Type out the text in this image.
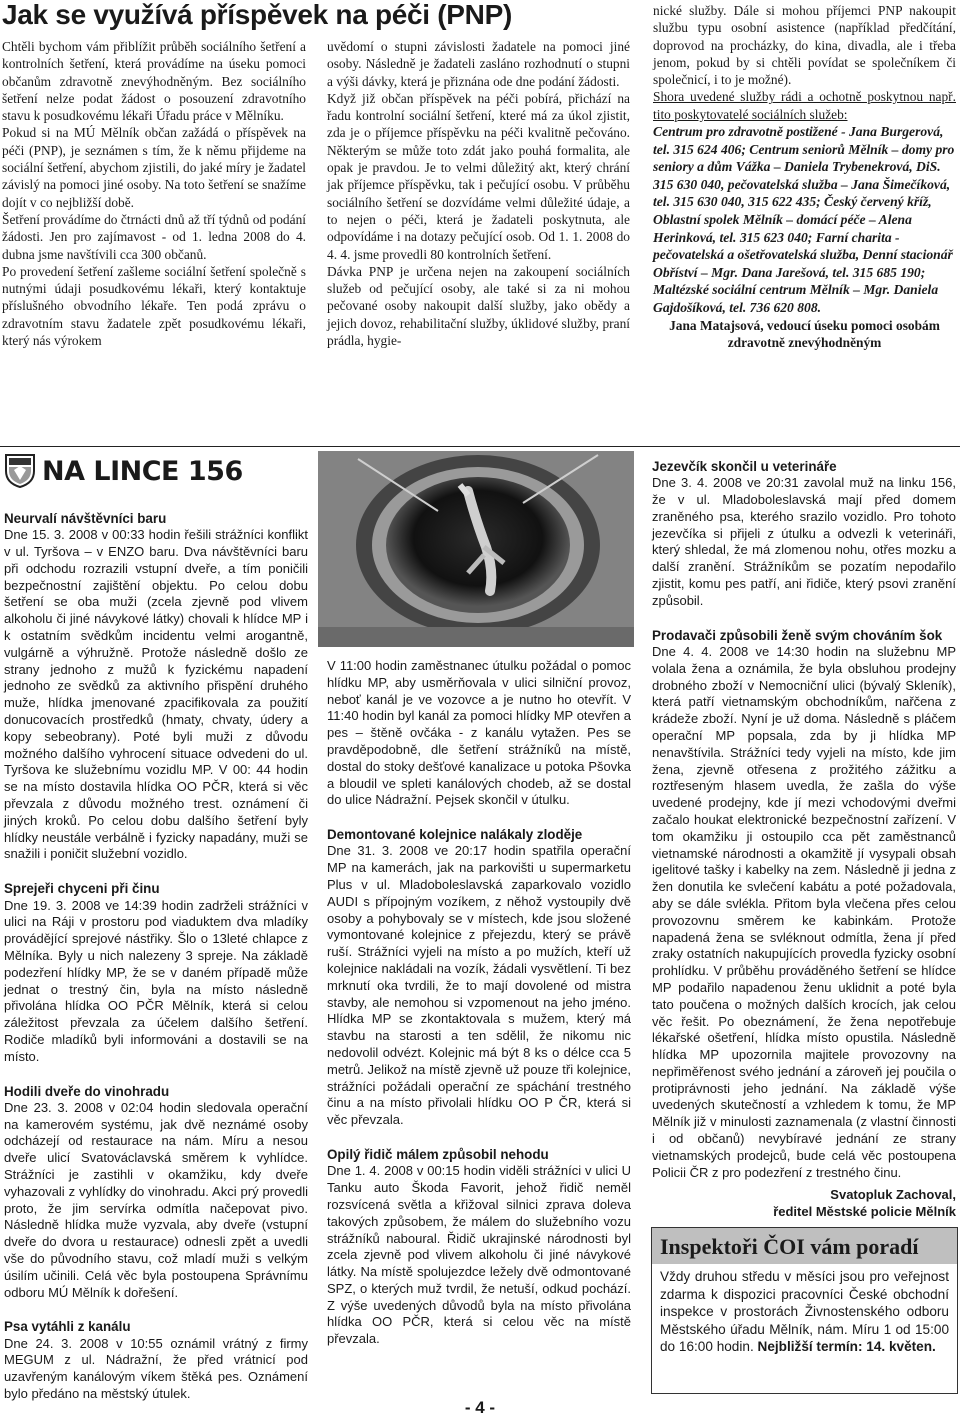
Jak se využívá příspěvek na péči (PNP)

Chtěli bychom vám přiblížit průběh sociálního šetření a kontrolních šetření, která provádíme na úseku pomoci občanům zdravotně znevýhodněným. Bez sociálního šetření nelze podat žádost o posouzení zdravotního stavu k posudkovému lékaři Úřadu práce v Mělníku.

Pokud si na MÚ Mělník občan zažádá o příspěvek na péči (PNP), je seznámen s tím, že k němu přijdeme na sociální šetření, abychom zjistili, do jaké míry je žadatel závislý na pomoci jiné osoby. Na toto šetření se snažíme dojít v co nejbližší době.

Šetření provádíme do čtrnácti dnů až tří týdnů od podání žádosti. Jen pro zajímavost - od 1. ledna 2008 do 4. dubna jsme navštívili cca 300 občanů.

Po provedení šetření zašleme sociální šetření společně s nutnými údaji posudkovému lékaři, který kontaktuje příslušného obvodního lékaře. Ten podá zprávu o zdravotním stavu žadatele zpět posudkovému lékaři, který nás výrokem

uvědomí o stupni závislosti žadatele na pomoci jiné osoby. Následně je žadateli zasláno rozhodnutí o stupni a výši dávky, která je přiznána ode dne podání žádosti.

Když již občan příspěvek na péči pobírá, přichází na řadu kontrolní sociální šetření, které má za úkol zjistit, zda je o příjemce příspěvku na péči kvalitně pečováno. Některým se může toto zdát jako pouhá formalita, ale opak je pravdou. Je to velmi důležitý akt, který chrání jak příjemce příspěvku, tak i pečující osobu. V průběhu sociálního šetření se dozvídáme velmi důležité údaje, a to nejen o péči, která je žadateli poskytnuta, ale odpovídáme i na dotazy pečující osob. Od 1. 1. 2008 do 4. 4. jsme provedli 80 kontrolních šetření.

Dávka PNP je určena nejen na zakoupení sociálních služeb od pečující osoby, ale také si za ni mohou pečované osoby nakoupit další služby, jako obědy a jejich dovoz, rehabilitační služby, úklidové služby, praní prádla, hygie-

nické služby. Dále si mohou příjemci PNP nakoupit službu typu osobní asistence (například předčítání, doprovod na procházky, do kina, divadla, ale i třeba jenom, pokud by si chtěli povídat se společníkem či společnicí, i to je možné).

Shora uvedené služby rádi a ochotně poskytnou např. tito poskytovatelé sociálních služeb:

Centrum pro zdravotně postižené - Jana Burgerová, tel. 315 624 406; Centrum seniorů Mělník – domy pro seniory a dům Vážka – Daniela Trybenekrová, DiS. 315 630 040, pečovatelská služba – Jana Šimečíková, tel. 315 630 040, 315 622 435; Český červený kříž, Oblastní spolek Mělník – domácí péče – Alena Herinková, tel. 315 623 040; Farní charita - pečovatelská a ošetřovatelská služba, Denní stacionář Obříství – Mgr. Dana Jarešová, tel. 315 685 190; Maltézské sociální centrum Mělník – Mgr. Daniela Gajdošíková, tel. 736 620 808.

Jana Matajsová, vedoucí úseku pomoci osobám zdravotně znevýhodněným

NA LINCE 156

Neurvalí návštěvníci baru

Dne 15. 3. 2008 v 00:33 hodin řešili strážníci konflikt v ul. Tyršova – v ENZO baru. Dva návštěvníci baru při odchodu rozrazili vstupní dveře, a tím poničili bezpečnostní zajištění objektu. Po celou dobu šetření se oba muži (zcela zjevně pod vlivem alkoholu či jiné návykové látky) chovali k hlídce MP i k ostatním svědkům incidentu velmi arogantně, vulgárně a výhružně. Protože následně došlo ze strany jednoho z mužů k fyzickému napadení jednoho ze svědků za aktivního přispění druhého muže, hlídka jmenované zpacifikovala za použití donucovacích prostředků (hmaty, chvaty, údery a kopy sebeobrany). Poté byli muži z důvodu možného dalšího vyhrocení situace odvedeni do ul. Tyršova ke služebnímu vozidlu MP. V 00: 44 hodin se na místo dostavila hlídka OO PČR, která si věc převzala z důvodu možného trest. oznámení či jiných kroků. Po celou dobu dalšího šetření byly hlídky neustále verbálně i fyzicky napadány, muži se snažili i poničit služební vozidlo.

Sprejeři chyceni při činu

Dne 19. 3. 2008 ve 14:39 hodin zadrželi strážníci v ulici na Ráji v prostoru pod viaduktem dva mladíky provádějící sprejové nástřiky. Šlo o 13leté chlapce z Mělníka. Byly u nich nalezeny 3 spreje. Na základě podezření hlídky MP, že se v daném případě může jednat o trestný čin, byla na místo následně přivolána hlídka OO PČR Mělník, která si celou záležitost převzala za účelem dalšího šetření. Rodiče mladíků byli informováni a dostavili se na místo.

Hodili dveře do vinohradu

Dne 23. 3. 2008 v 02:04 hodin sledovala operační na kamerovém systému, jak dvě neznámé osoby odcházejí od restaurace na nám. Míru a nesou dveře ulicí Svatováclavská směrem k vyhlídce. Strážníci je zastihli v okamžiku, kdy dveře vyhazovali z vyhlídky do vinohradu. Akci prý provedli proto, že jim servírka odmítla načepovat pivo. Následně hlídka muže vyzvala, aby dveře (vstupní dveře do dvora u restaurace) odnesli zpět a uvedli vše do původního stavu, což mladí muži s velkým úsilím učinili. Celá věc byla postoupena Správnímu odboru MÚ Mělník k dořešení.

Psa vytáhli z kanálu

Dne 24. 3. 2008 v 10:55 oznámil vrátný z firmy MEGUM z ul. Nádražní, že před vrátnicí pod uzavřeným kanálovým víkem štěká pes. Oznámení bylo předáno na městský útulek.

V 11:00 hodin zaměstnanec útulku požádal o pomoc hlídku MP, aby usměrňovala v ulici silniční provoz, neboť kanál je ve vozovce a je nutno ho otevřít. V 11:40 hodin byl kanál za pomoci hlídky MP otevřen a pes – štěně ovčáka - z kanálu vytažen. Pes se pravděpodobně, dle šetření strážníků na místě, dostal do stoky dešťové kanalizace u potoka Pšovka a bloudil ve spleti kanálových chodeb, až se dostal do ulice Nádražní. Pejsek skončil v útulku.

Demontované kolejnice nalákaly zloděje

Dne 31. 3. 2008 ve 20:17 hodin spatřila operační MP na kamerách, jak na parkovišti u supermarketu Plus v ul. Mladoboleslavská zaparkovalo vozidlo AUDI s přípojným vozíkem, z něhož vystoupily dvě osoby a pohybovaly se v místech, kde jsou složené vymontované kolejnice z přejezdu, který se právě ruší. Strážníci vyjeli na místo a po mužích, kteří už kolejnice nakládali na vozík, žádali vysvětlení. Ti bez mrknutí oka tvrdili, že to mají dovolené od mistra stavby, ale nemohou si vzpomenout na jeho jméno. Hlídka MP se zkontaktovala s mužem, který má stavbu na starosti a ten sdělil, že nikomu nic nedovolil odvézt. Kolejnic má být 8 ks o délce cca 5 metrů. Jelikož na místě zjevně už pouze tři kolejnice, strážníci požádali operační ze spáchání trestného činu a na místo přivolali hlídku OO P ČR, která si věc převzala.

Opilý řidič málem způsobil nehodu

Dne 1. 4. 2008 v 00:15 hodin viděli strážníci v ulici U Tanku auto Škoda Favorit, jehož řidič neměl rozsvícená světla a křižoval silnici zprava doleva takových způsobem, že málem do služebního vozu strážníků naboural. Řidič ukrajinské národnosti byl zcela zjevně pod vlivem alkoholu či jiné návykové látky. Na místě spolujezdce ležely dvě odmontované SPZ, o kterých muž tvrdil, že netuší, odkud pochází. Z výše uvedených důvodů byla na místo přivolána hlídka OO PČR, která si celou věc na místě převzala.

Jezevčík skončil u veterináře

Dne 3. 4. 2008 ve 20:31 zavolal muž na linku 156, že v ul. Mladoboleslavská mají před domem zraněného psa, kterého srazilo vozidlo. Pro tohoto jezevčíka si přijeli z útulku a odvezli k veterináři, který shledal, že má zlomenou nohu, otřes mozku a další zranění. Strážníkům se pozatím nepodařilo zjistit, komu pes patří, ani řidiče, který psovi zranění způsobil.

Prodavači způsobili ženě svým chováním šok

Dne 4. 4. 2008 ve 14:30 hodin na služebnu MP volala žena a oznámila, že byla obsluhou prodejny drobného zboží v Nemocniční ulici (bývalý Skleník), která patří vietnamským obchodníkům, nařčena z krádeže zboží. Nyní je už doma. Následně s pláčem operační MP popsala, zda by ji hlídka MP nenavštívila. Strážníci tedy vyjeli na místo, kde jim žena, zjevně otřesena z prožitého zážitku a roztřeseným hlasem uvedla, že zašla do výše uvedené prodejny, kde jí mezi vchodovými dveřmi začalo houkat elektronické bezpečnostní zařízení. V tom okamžiku ji ostoupilo cca pět zaměstnanců vietnamské národnosti a okamžitě jí vysypali obsah igelitové tašky i kabelky na zem. Následně ji jedna z žen donutila ke svlečení kabátu a poté požadovala, aby se dále svlékla. Přitom byla vlečena přes celou provozovnu směrem ke kabinkám. Protože napadená žena se svléknout odmítla, žena jí před zraky ostatních nakupujících provedla fyzicky osobní prohlídku. V průběhu prováděného šetření se hlídce MP podařilo napadenou ženu uklidnit a poté byla tato poučena o možných dalších krocích, jak celou věc řešit. Po obeznámení, že žena nepotřebuje lékařské ošetření, hlídka místo opustila. Následně hlídka MP upozornila majitele provozovny na nepřiměřenost svého jednání a zároveň jej poučila o protiprávnosti jeho jednání. Na základě výše uvedených skutečností a vzhledem k tomu, že MP Mělník již v minulosti zaznamenala (z vlastní činnosti i od občanů) nevybíravé jednání ze strany vietnamských prodejců, bude celá věc postoupena Policii ČR z pro podezření z trestného činu.

Svatopluk Zachoval,

ředitel Městské policie Mělník

Inspektoři ČOI vám poradí
Vždy druhou středu v měsíci jsou pro veřejnost zdarma k dispozici pracovníci České obchodní inspekce v prostorách Živnostenského odboru Městského úřadu Mělník, nám. Míru 1 od 15:00 do 16:00 hodin. Nejbližší termín: 14. květen.
- 4 -
